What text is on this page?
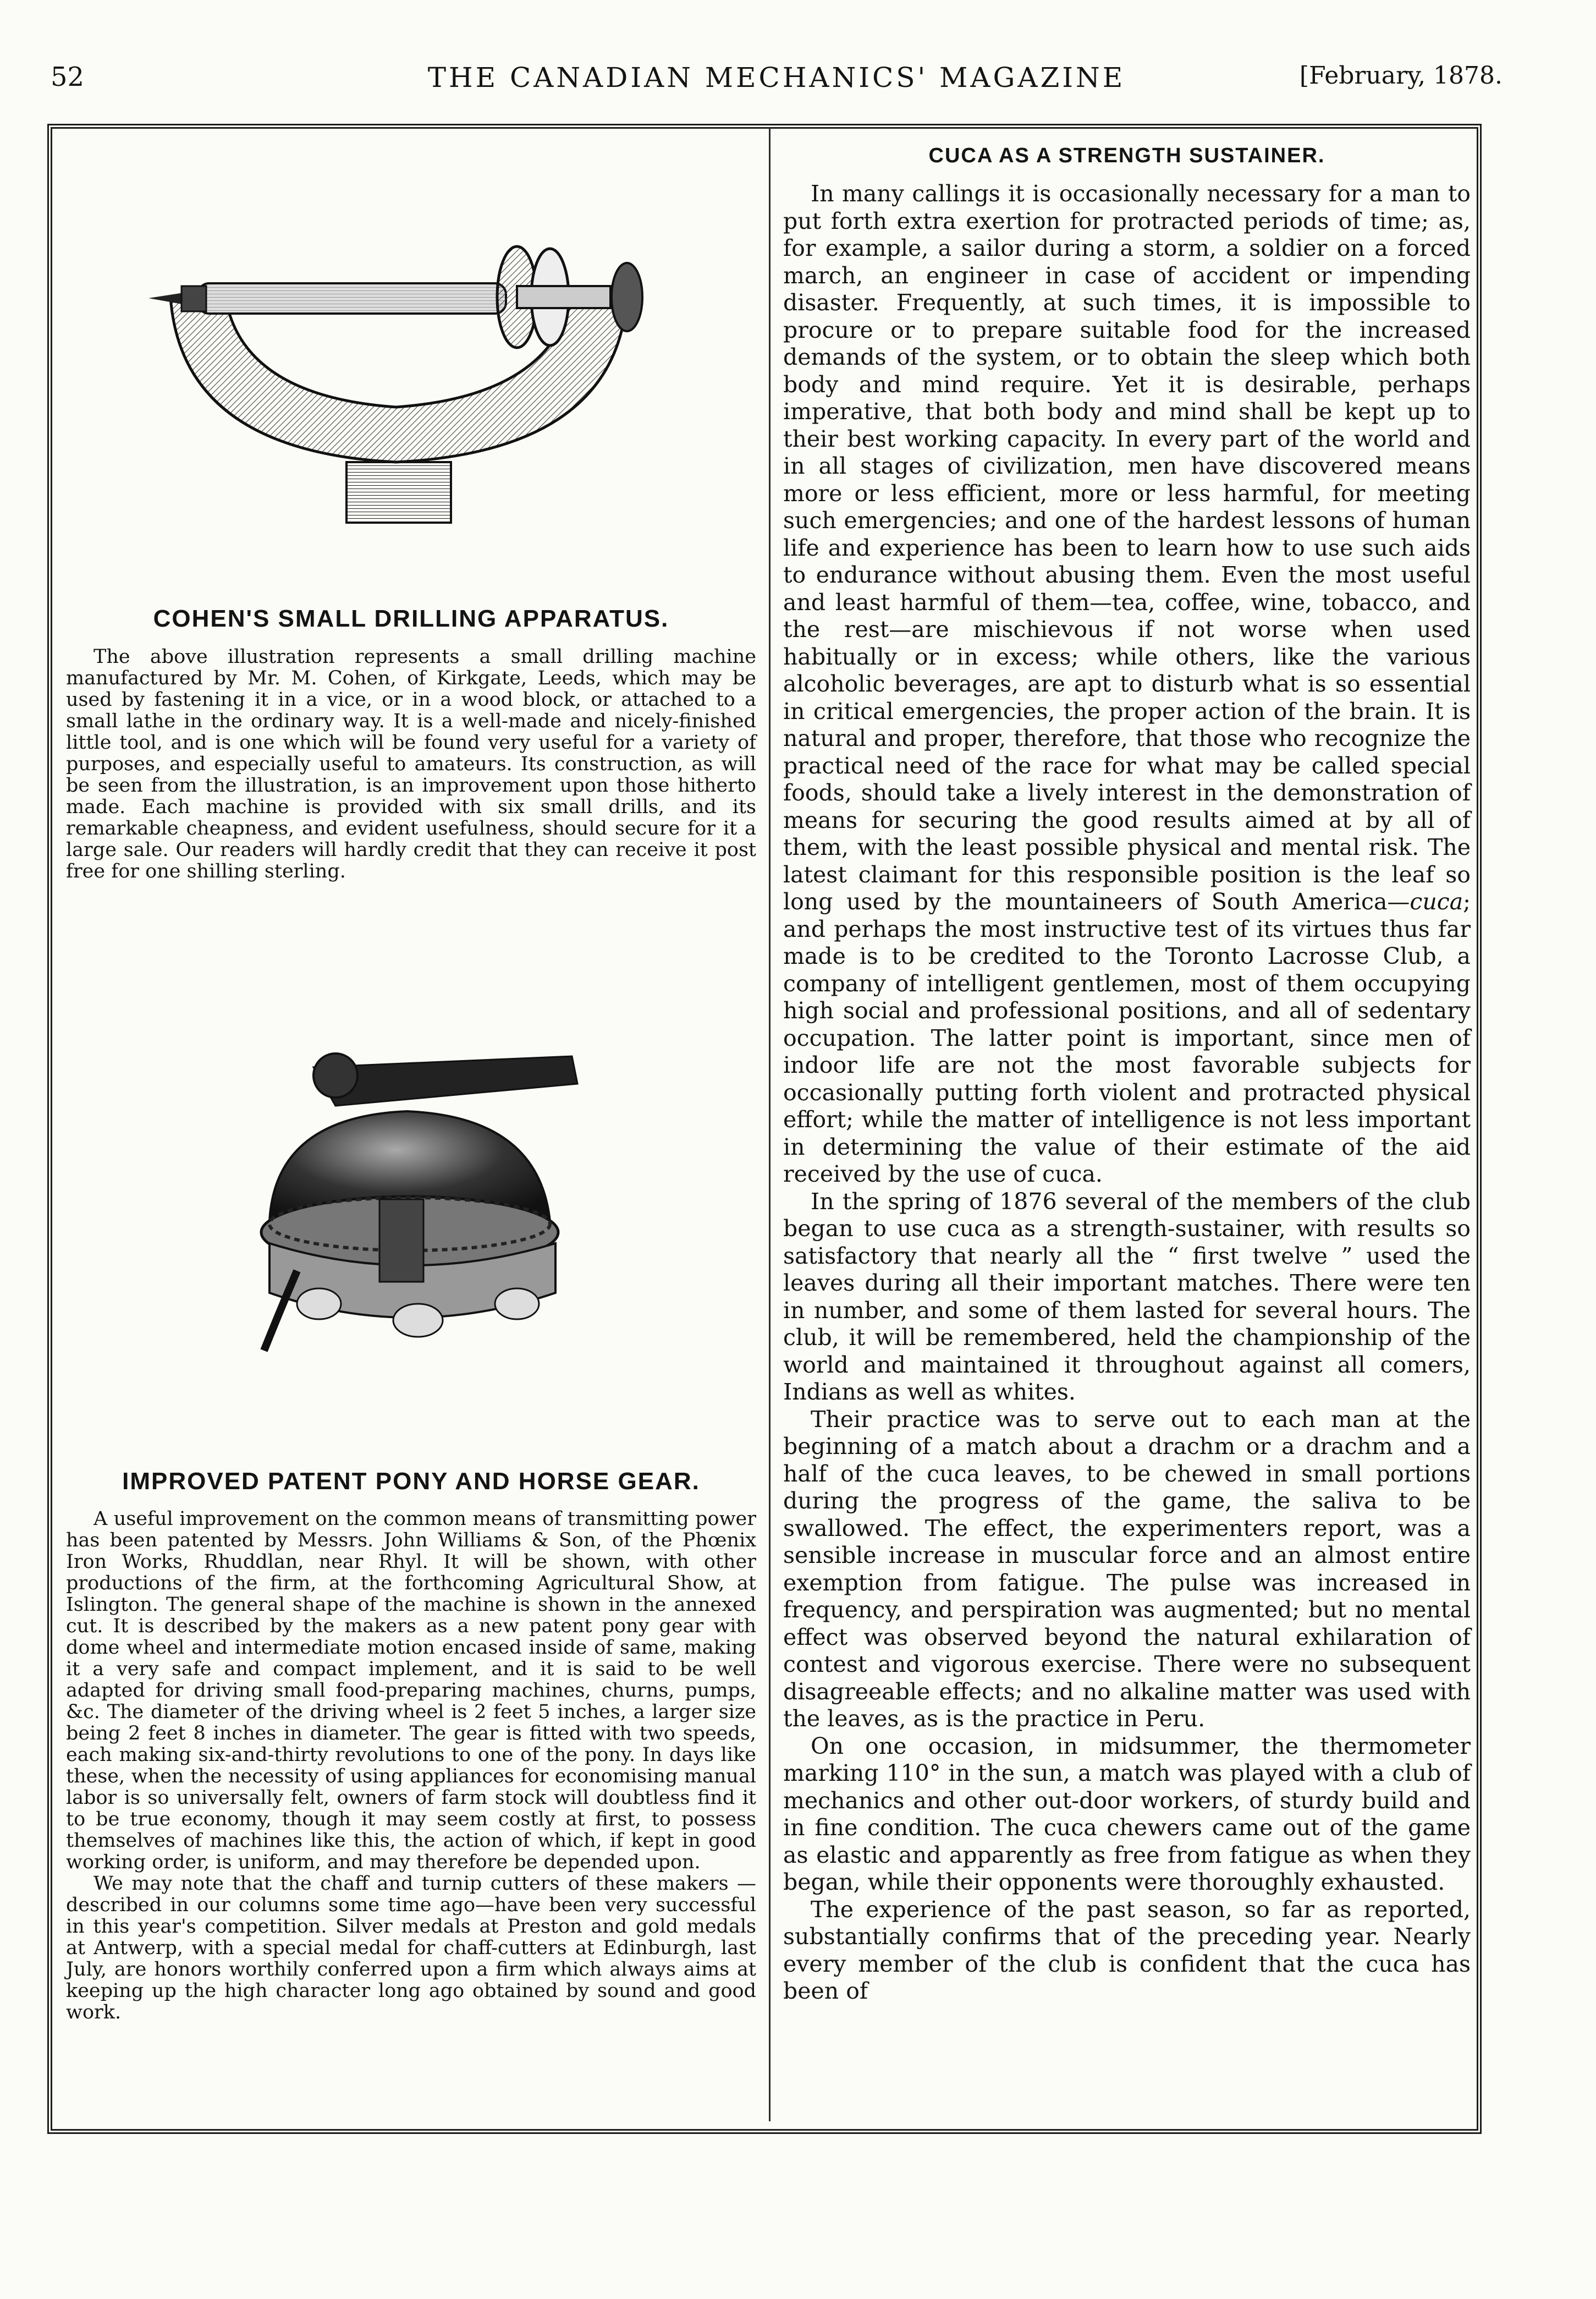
52	THE CANADIAN MECHANICS' MAGAZINE	[February, 1878.
COHEN'S SMALL DRILLING APPARATUS.

The above illustration represents a small drilling machine manufactured by Mr. M. Cohen, of Kirkgate, Leeds, which may be used by fastening it in a vice, or in a wood block, or attached to a small lathe in the ordinary way. It is a well-made and nicely-finished little tool, and is one which will be found very useful for a variety of purposes, and especially useful to amateurs. Its construction, as will be seen from the illustration, is an improvement upon those hitherto made. Each machine is provided with six small drills, and its remarkable cheapness, and evident usefulness, should secure for it a large sale. Our readers will hardly credit that they can receive it post free for one shilling sterling.

IMPROVED PATENT PONY AND HORSE GEAR.

A useful improvement on the common means of transmitting power has been patented by Messrs. John Williams & Son, of the Phœnix Iron Works, Rhuddlan, near Rhyl. It will be shown, with other productions of the firm, at the forthcoming Agricultural Show, at Islington. The general shape of the machine is shown in the annexed cut. It is described by the makers as a new patent pony gear with dome wheel and intermediate motion encased inside of same, making it a very safe and compact implement, and it is said to be well adapted for driving small food-preparing machines, churns, pumps, &c. The diameter of the driving wheel is 2 feet 5 inches, a larger size being 2 feet 8 inches in diameter. The gear is fitted with two speeds, each making six-and-thirty revolutions to one of the pony. In days like these, when the necessity of using appliances for economising manual labor is so universally felt, owners of farm stock will doubtless find it to be true economy, though it may seem costly at first, to possess themselves of machines like this, the action of which, if kept in good working order, is uniform, and may therefore be depended upon.

We may note that the chaff and turnip cutters of these makers —described in our columns some time ago—have been very successful in this year's competition. Silver medals at Preston and gold medals at Antwerp, with a special medal for chaff-cutters at Edinburgh, last July, are honors worthily conferred upon a firm which always aims at keeping up the high character long ago obtained by sound and good work.

CUCA AS A STRENGTH SUSTAINER.

In many callings it is occasionally necessary for a man to put forth extra exertion for protracted periods of time; as, for example, a sailor during a storm, a soldier on a forced march, an engineer in case of accident or impending disaster. Frequently, at such times, it is impossible to procure or to prepare suitable food for the increased demands of the system, or to obtain the sleep which both body and mind require. Yet it is desirable, perhaps imperative, that both body and mind shall be kept up to their best working capacity. In every part of the world and in all stages of civilization, men have discovered means more or less efficient, more or less harmful, for meeting such emergencies; and one of the hardest lessons of human life and experience has been to learn how to use such aids to endurance without abusing them. Even the most useful and least harmful of them—tea, coffee, wine, tobacco, and the rest—are mischievous if not worse when used habitually or in excess; while others, like the various alcoholic beverages, are apt to disturb what is so essential in critical emergencies, the proper action of the brain. It is natural and proper, therefore, that those who recognize the practical need of the race for what may be called special foods, should take a lively interest in the demonstration of means for securing the good results aimed at by all of them, with the least possible physical and mental risk. The latest claimant for this responsible position is the leaf so long used by the mountaineers of South America—cuca; and perhaps the most instructive test of its virtues thus far made is to be credited to the Toronto Lacrosse Club, a company of intelligent gentlemen, most of them occupying high social and professional positions, and all of sedentary occupation. The latter point is important, since men of indoor life are not the most favorable subjects for occasionally putting forth violent and protracted physical effort; while the matter of intelligence is not less important in determining the value of their estimate of the aid received by the use of cuca.

In the spring of 1876 several of the members of the club began to use cuca as a strength-sustainer, with results so satisfactory that nearly all the “ first twelve ” used the leaves during all their important matches. There were ten in number, and some of them lasted for several hours. The club, it will be remembered, held the championship of the world and maintained it throughout against all comers, Indians as well as whites.

Their practice was to serve out to each man at the beginning of a match about a drachm or a drachm and a half of the cuca leaves, to be chewed in small portions during the progress of the game, the saliva to be swallowed. The effect, the experimenters report, was a sensible increase in muscular force and an almost entire exemption from fatigue. The pulse was increased in frequency, and perspiration was augmented; but no mental effect was observed beyond the natural exhilaration of contest and vigorous exercise. There were no subsequent disagreeable effects; and no alkaline matter was used with the leaves, as is the practice in Peru.

On one occasion, in midsummer, the thermometer marking 110° in the sun, a match was played with a club of mechanics and other out-door workers, of sturdy build and in fine condition. The cuca chewers came out of the game as elastic and apparently as free from fatigue as when they began, while their opponents were thoroughly exhausted.

The experience of the past season, so far as reported, substantially confirms that of the preceding year. Nearly every member of the club is confident that the cuca has been of
